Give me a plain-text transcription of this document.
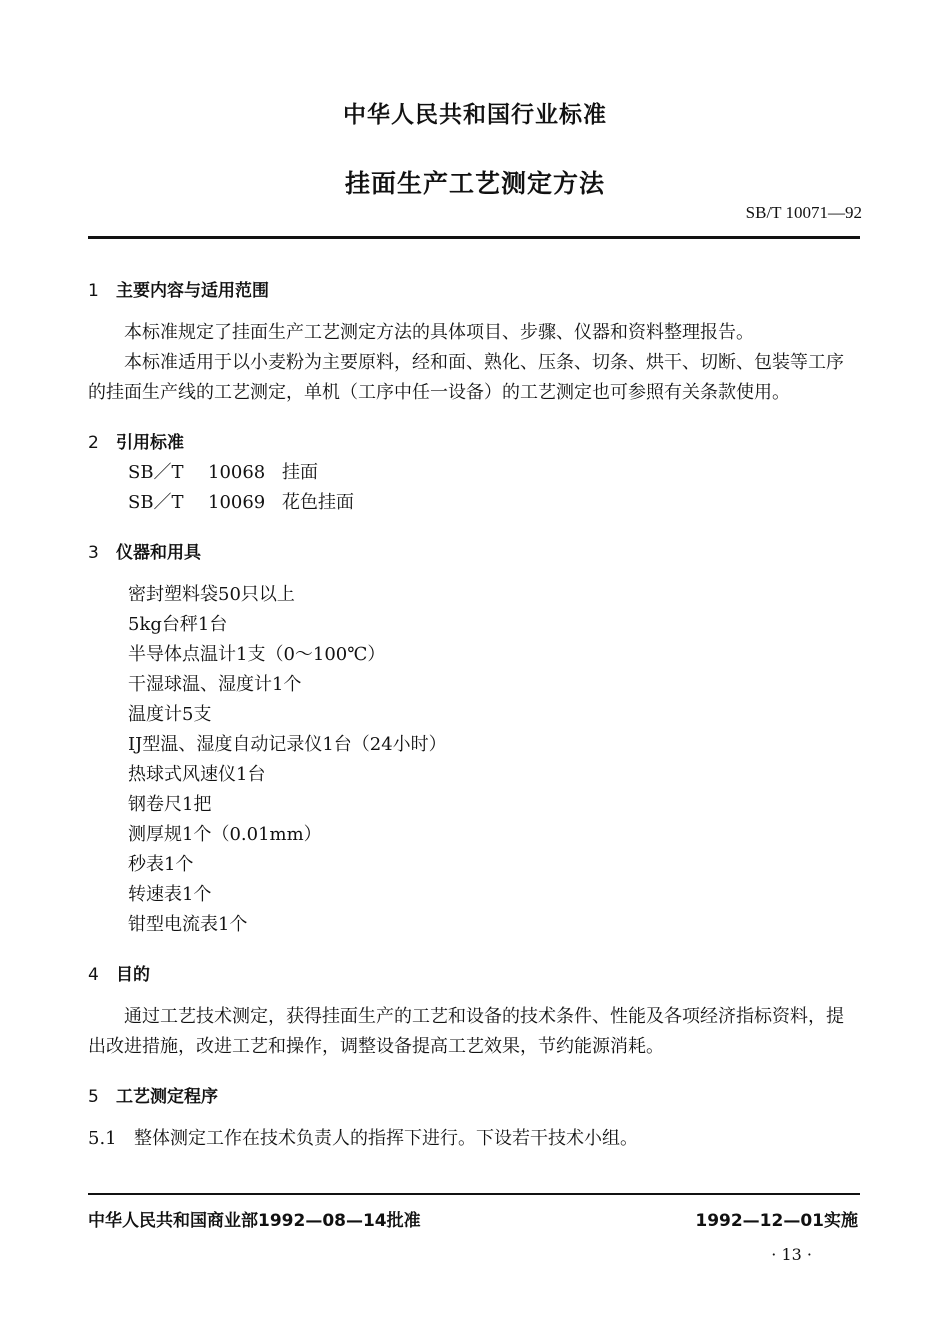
中华人民共和国行业标准
挂面生产工艺测定方法
SB/T 10071—92
1 主要内容与适用范围

本标准规定了挂面生产工艺测定方法的具体项目、步骤、仪器和资料整理报告。

本标准适用于以小麦粉为主要原料，经和面、熟化、压条、切条、烘干、切断、包装等工序的挂面生产线的工艺测定，单机（工序中任一设备）的工艺测定也可参照有关条款使用。

2 引用标准
SB／T 10068 挂面
SB／T 10069 花色挂面
3 仪器和用具
密封塑料袋50只以上
5kg台秤1台
半导体点温计1支（0～100℃）
干湿球温、湿度计1个
温度计5支
IJ型温、湿度自动记录仪1台（24小时）
热球式风速仪1台
钢卷尺1把
测厚规1个（0.01mm）
秒表1个
转速表1个
钳型电流表1个
4 目的

通过工艺技术测定，获得挂面生产的工艺和设备的技术条件、性能及各项经济指标资料，提出改进措施，改进工艺和操作，调整设备提高工艺效果，节约能源消耗。

5 工艺测定程序
5.1 整体测定工作在技术负责人的指挥下进行。下设若干技术小组。
中华人民共和国商业部1992—08—14批准	1992—12—01实施
· 13 ·
